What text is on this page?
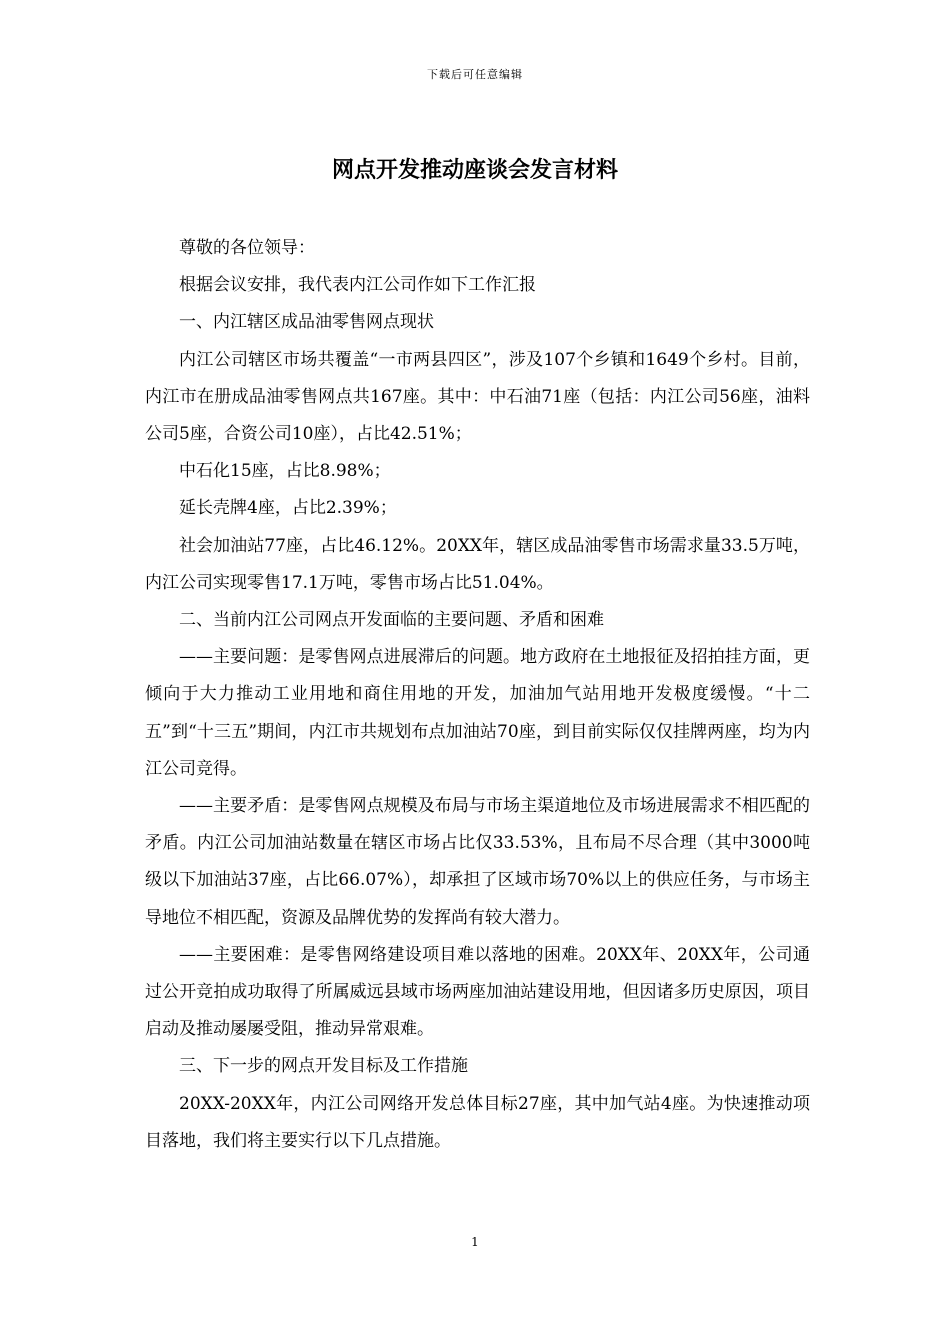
下载后可任意编辑
网点开发推动座谈会发言材料

尊敬的各位领导：

根据会议安排，我代表内江公司作如下工作汇报

一、内江辖区成品油零售网点现状

内江公司辖区市场共覆盖“一市两县四区”，涉及107个乡镇和1649个乡村。目前，内江市在册成品油零售网点共167座。其中：中石油71座（包括：内江公司56座，油料公司5座，合资公司10座），占比42.51%；

中石化15座，占比8.98%；

延长壳牌4座，占比2.39%；

社会加油站77座，占比46.12%。20XX年，辖区成品油零售市场需求量33.5万吨，内江公司实现零售17.1万吨，零售市场占比51.04%。

二、当前内江公司网点开发面临的主要问题、矛盾和困难

——主要问题：是零售网点进展滞后的问题。地方政府在土地报征及招拍挂方面，更倾向于大力推动工业用地和商住用地的开发，加油加气站用地开发极度缓慢。“十二五”到“十三五”期间，内江市共规划布点加油站70座，到目前实际仅仅挂牌两座，均为内江公司竞得。

——主要矛盾：是零售网点规模及布局与市场主渠道地位及市场进展需求不相匹配的矛盾。内江公司加油站数量在辖区市场占比仅33.53%，且布局不尽合理（其中3000吨级以下加油站37座，占比66.07%），却承担了区域市场70%以上的供应任务，与市场主导地位不相匹配，资源及品牌优势的发挥尚有较大潜力。

——主要困难：是零售网络建设项目难以落地的困难。20XX年、20XX年，公司通过公开竞拍成功取得了所属威远县域市场两座加油站建设用地，但因诸多历史原因，项目启动及推动屡屡受阻，推动异常艰难。

三、下一步的网点开发目标及工作措施

20XX-20XX年，内江公司网络开发总体目标27座，其中加气站4座。为快速推动项目落地，我们将主要实行以下几点措施。

1
